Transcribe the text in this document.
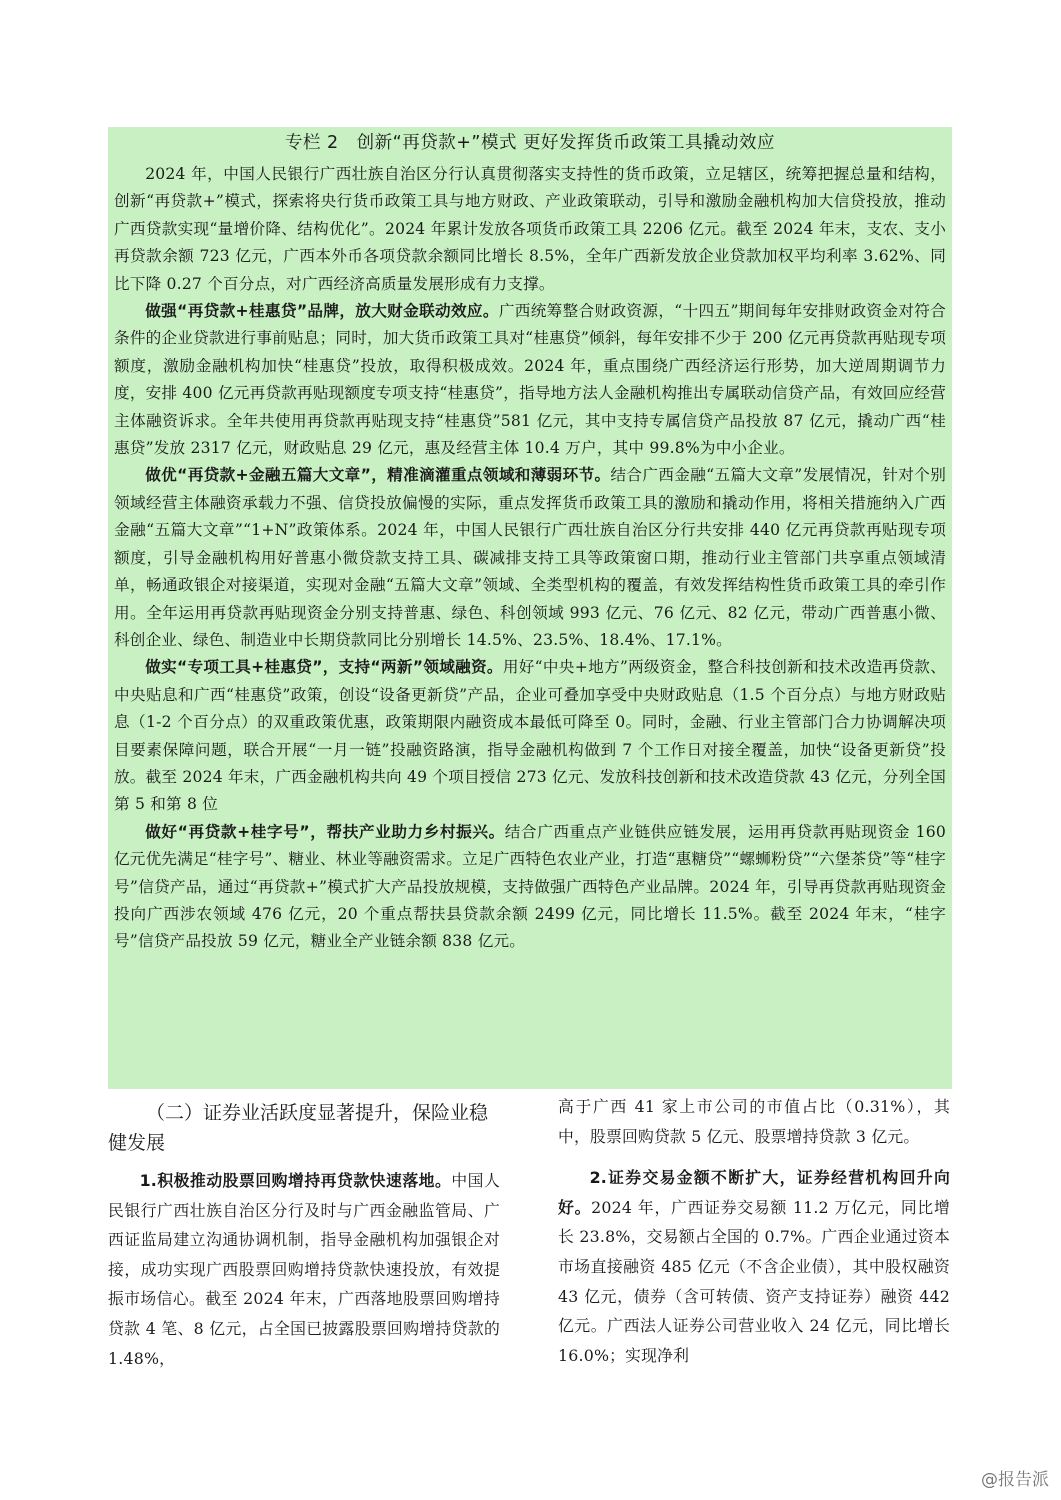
专栏 2　创新“再贷款+”模式 更好发挥货币政策工具撬动效应

2024 年，中国人民银行广西壮族自治区分行认真贯彻落实支持性的货币政策，立足辖区，统筹把握总量和结构，创新“再贷款+”模式，探索将央行货币政策工具与地方财政、产业政策联动，引导和激励金融机构加大信贷投放，推动广西贷款实现“量增价降、结构优化”。2024 年累计发放各项货币政策工具 2206 亿元。截至 2024 年末，支农、支小再贷款余额 723 亿元，广西本外币各项贷款余额同比增长 8.5%，全年广西新发放企业贷款加权平均利率 3.62%、同比下降 0.27 个百分点，对广西经济高质量发展形成有力支撑。

做强“再贷款+桂惠贷”品牌，放大财金联动效应。广西统筹整合财政资源，“十四五”期间每年安排财政资金对符合条件的企业贷款进行事前贴息；同时，加大货币政策工具对“桂惠贷”倾斜，每年安排不少于 200 亿元再贷款再贴现专项额度，激励金融机构加快“桂惠贷”投放，取得积极成效。2024 年，重点围绕广西经济运行形势，加大逆周期调节力度，安排 400 亿元再贷款再贴现额度专项支持“桂惠贷”，指导地方法人金融机构推出专属联动信贷产品，有效回应经营主体融资诉求。全年共使用再贷款再贴现支持“桂惠贷”581 亿元，其中支持专属信贷产品投放 87 亿元，撬动广西“桂惠贷”发放 2317 亿元，财政贴息 29 亿元，惠及经营主体 10.4 万户，其中 99.8%为中小企业。

做优“再贷款+金融五篇大文章”，精准滴灌重点领域和薄弱环节。结合广西金融“五篇大文章”发展情况，针对个别领域经营主体融资承载力不强、信贷投放偏慢的实际，重点发挥货币政策工具的激励和撬动作用，将相关措施纳入广西金融“五篇大文章”“1+N”政策体系。2024 年，中国人民银行广西壮族自治区分行共安排 440 亿元再贷款再贴现专项额度，引导金融机构用好普惠小微贷款支持工具、碳减排支持工具等政策窗口期，推动行业主管部门共享重点领域清单，畅通政银企对接渠道，实现对金融“五篇大文章”领域、全类型机构的覆盖，有效发挥结构性货币政策工具的牵引作用。全年运用再贷款再贴现资金分别支持普惠、绿色、科创领域 993 亿元、76 亿元、82 亿元，带动广西普惠小微、科创企业、绿色、制造业中长期贷款同比分别增长 14.5%、23.5%、18.4%、17.1%。

做实“专项工具+桂惠贷”，支持“两新”领域融资。用好“中央+地方”两级资金，整合科技创新和技术改造再贷款、中央贴息和广西“桂惠贷”政策，创设“设备更新贷”产品，企业可叠加享受中央财政贴息（1.5 个百分点）与地方财政贴息（1-2 个百分点）的双重政策优惠，政策期限内融资成本最低可降至 0。同时，金融、行业主管部门合力协调解决项目要素保障问题，联合开展“一月一链”投融资路演，指导金融机构做到 7 个工作日对接全覆盖，加快“设备更新贷”投放。截至 2024 年末，广西金融机构共向 49 个项目授信 273 亿元、发放科技创新和技术改造贷款 43 亿元，分列全国第 5 和第 8 位

做好“再贷款+桂字号”，帮扶产业助力乡村振兴。结合广西重点产业链供应链发展，运用再贷款再贴现资金 160 亿元优先满足“桂字号”、糖业、林业等融资需求。立足广西特色农业产业，打造“惠糖贷”“螺蛳粉贷”“六堡茶贷”等“桂字号”信贷产品，通过“再贷款+”模式扩大产品投放规模，支持做强广西特色产业品牌。2024 年，引导再贷款再贴现资金投向广西涉农领域 476 亿元，20 个重点帮扶县贷款余额 2499 亿元，同比增长 11.5%。截至 2024 年末，“桂字号”信贷产品投放 59 亿元，糖业全产业链余额 838 亿元。

（二）证券业活跃度显著提升，保险业稳健发展

1.积极推动股票回购增持再贷款快速落地。中国人民银行广西壮族自治区分行及时与广西金融监管局、广西证监局建立沟通协调机制，指导金融机构加强银企对接，成功实现广西股票回购增持贷款快速投放，有效提振市场信心。截至 2024 年末，广西落地股票回购增持贷款 4 笔、8 亿元，占全国已披露股票回购增持贷款的 1.48%，

高于广西 41 家上市公司的市值占比（0.31%），其中，股票回购贷款 5 亿元、股票增持贷款 3 亿元。

2.证券交易金额不断扩大，证券经营机构回升向好。2024 年，广西证券交易额 11.2 万亿元，同比增长 23.8%，交易额占全国的 0.7%。广西企业通过资本市场直接融资 485 亿元（不含企业债），其中股权融资 43 亿元，债券（含可转债、资产支持证券）融资 442 亿元。广西法人证券公司营业收入 24 亿元，同比增长 16.0%；实现净利

@报告派
